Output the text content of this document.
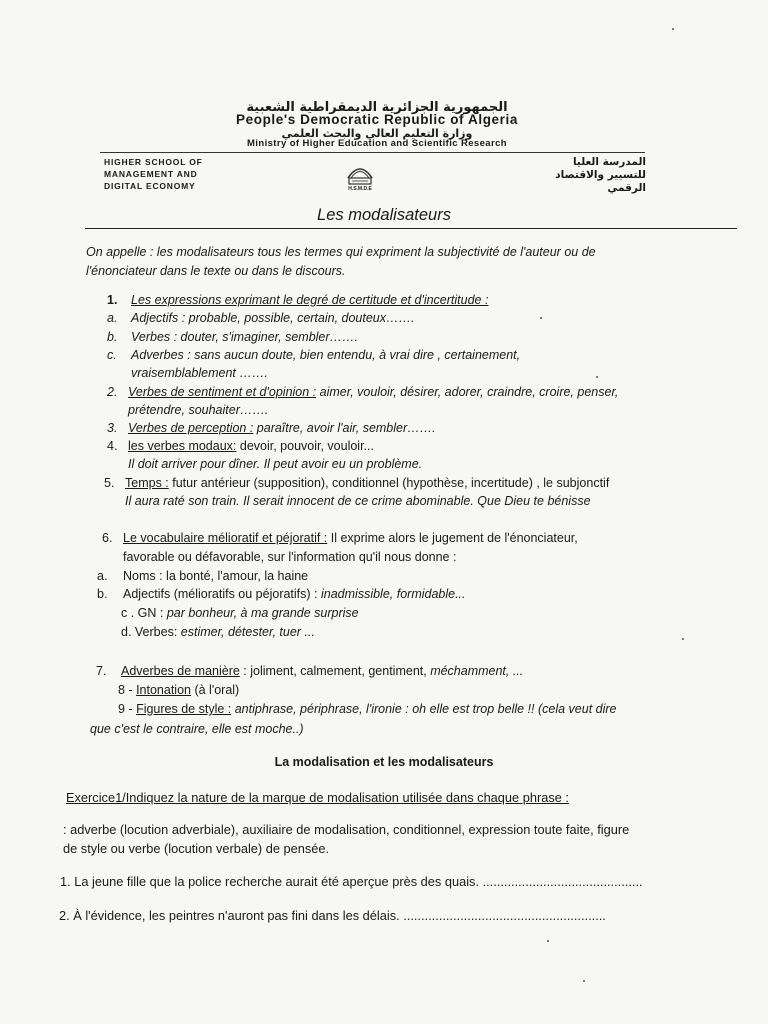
الجمهورية الجزائرية الديمقراطية الشعبية
People's Democratic Republic of Algeria
وزارة التعليم العالي والبحث العلمي
Ministry of Higher Education and Scientific Research
HIGHER SCHOOL OF
MANAGEMENT AND
DIGITAL ECONOMY	H.S.M.D.E
المدرسة العليا
للتسيير والاقتصاد
الرقمي
Les modalisateurs
On appelle : les modalisateurs tous les termes qui expriment la subjectivité de l'auteur ou de
l'énonciateur dans le texte ou dans le discours.
1. Les expressions exprimant le degré de certitude et d'incertitude :
a. Adjectifs : probable, possible, certain, douteux…….
b. Verbes : douter, s'imaginer, sembler…….
c. Adverbes : sans aucun doute, bien entendu, à vrai dire , certainement,
vraisemblablement …….
2. Verbes de sentiment et d'opinion : aimer, vouloir, désirer, adorer, craindre, croire, penser,
prétendre, souhaiter…….
3. Verbes de perception : paraître, avoir l'air, sembler…….
4. les verbes modaux: devoir, pouvoir, vouloir...
Il doit arriver pour dîner. Il peut avoir eu un problème.
5. Temps : futur antérieur (supposition), conditionnel (hypothèse, incertitude) , le subjonctif
Il aura raté son train. Il serait innocent de ce crime abominable. Que Dieu te bénisse
6. Le vocabulaire mélioratif et péjoratif : Il exprime alors le jugement de l'énonciateur,
favorable ou défavorable, sur l'information qu'il nous donne :
a. Noms : la bonté, l'amour, la haine
b. Adjectifs (mélioratifs ou péjoratifs) : inadmissible, formidable...
c . GN : par bonheur, à ma grande surprise
d. Verbes: estimer, détester, tuer ...
7. Adverbes de manière : joliment, calmement, gentiment, méchamment, ...
8 - Intonation (à l'oral)
9 - Figures de style : antiphrase, périphrase, l'ironie : oh elle est trop belle !! (cela veut dire
que c'est le contraire, elle est moche..)
La modalisation et les modalisateurs
Exercice1/Indiquez la nature de la marque de modalisation utilisée dans chaque phrase :
: adverbe (locution adverbiale), auxiliaire de modalisation, conditionnel, expression toute faite, figure
de style ou verbe (locution verbale) de pensée.
1. La jeune fille que la police recherche aurait été aperçue près des quais. .............................................
2. À l'évidence, les peintres n'auront pas fini dans les délais. .........................................................
